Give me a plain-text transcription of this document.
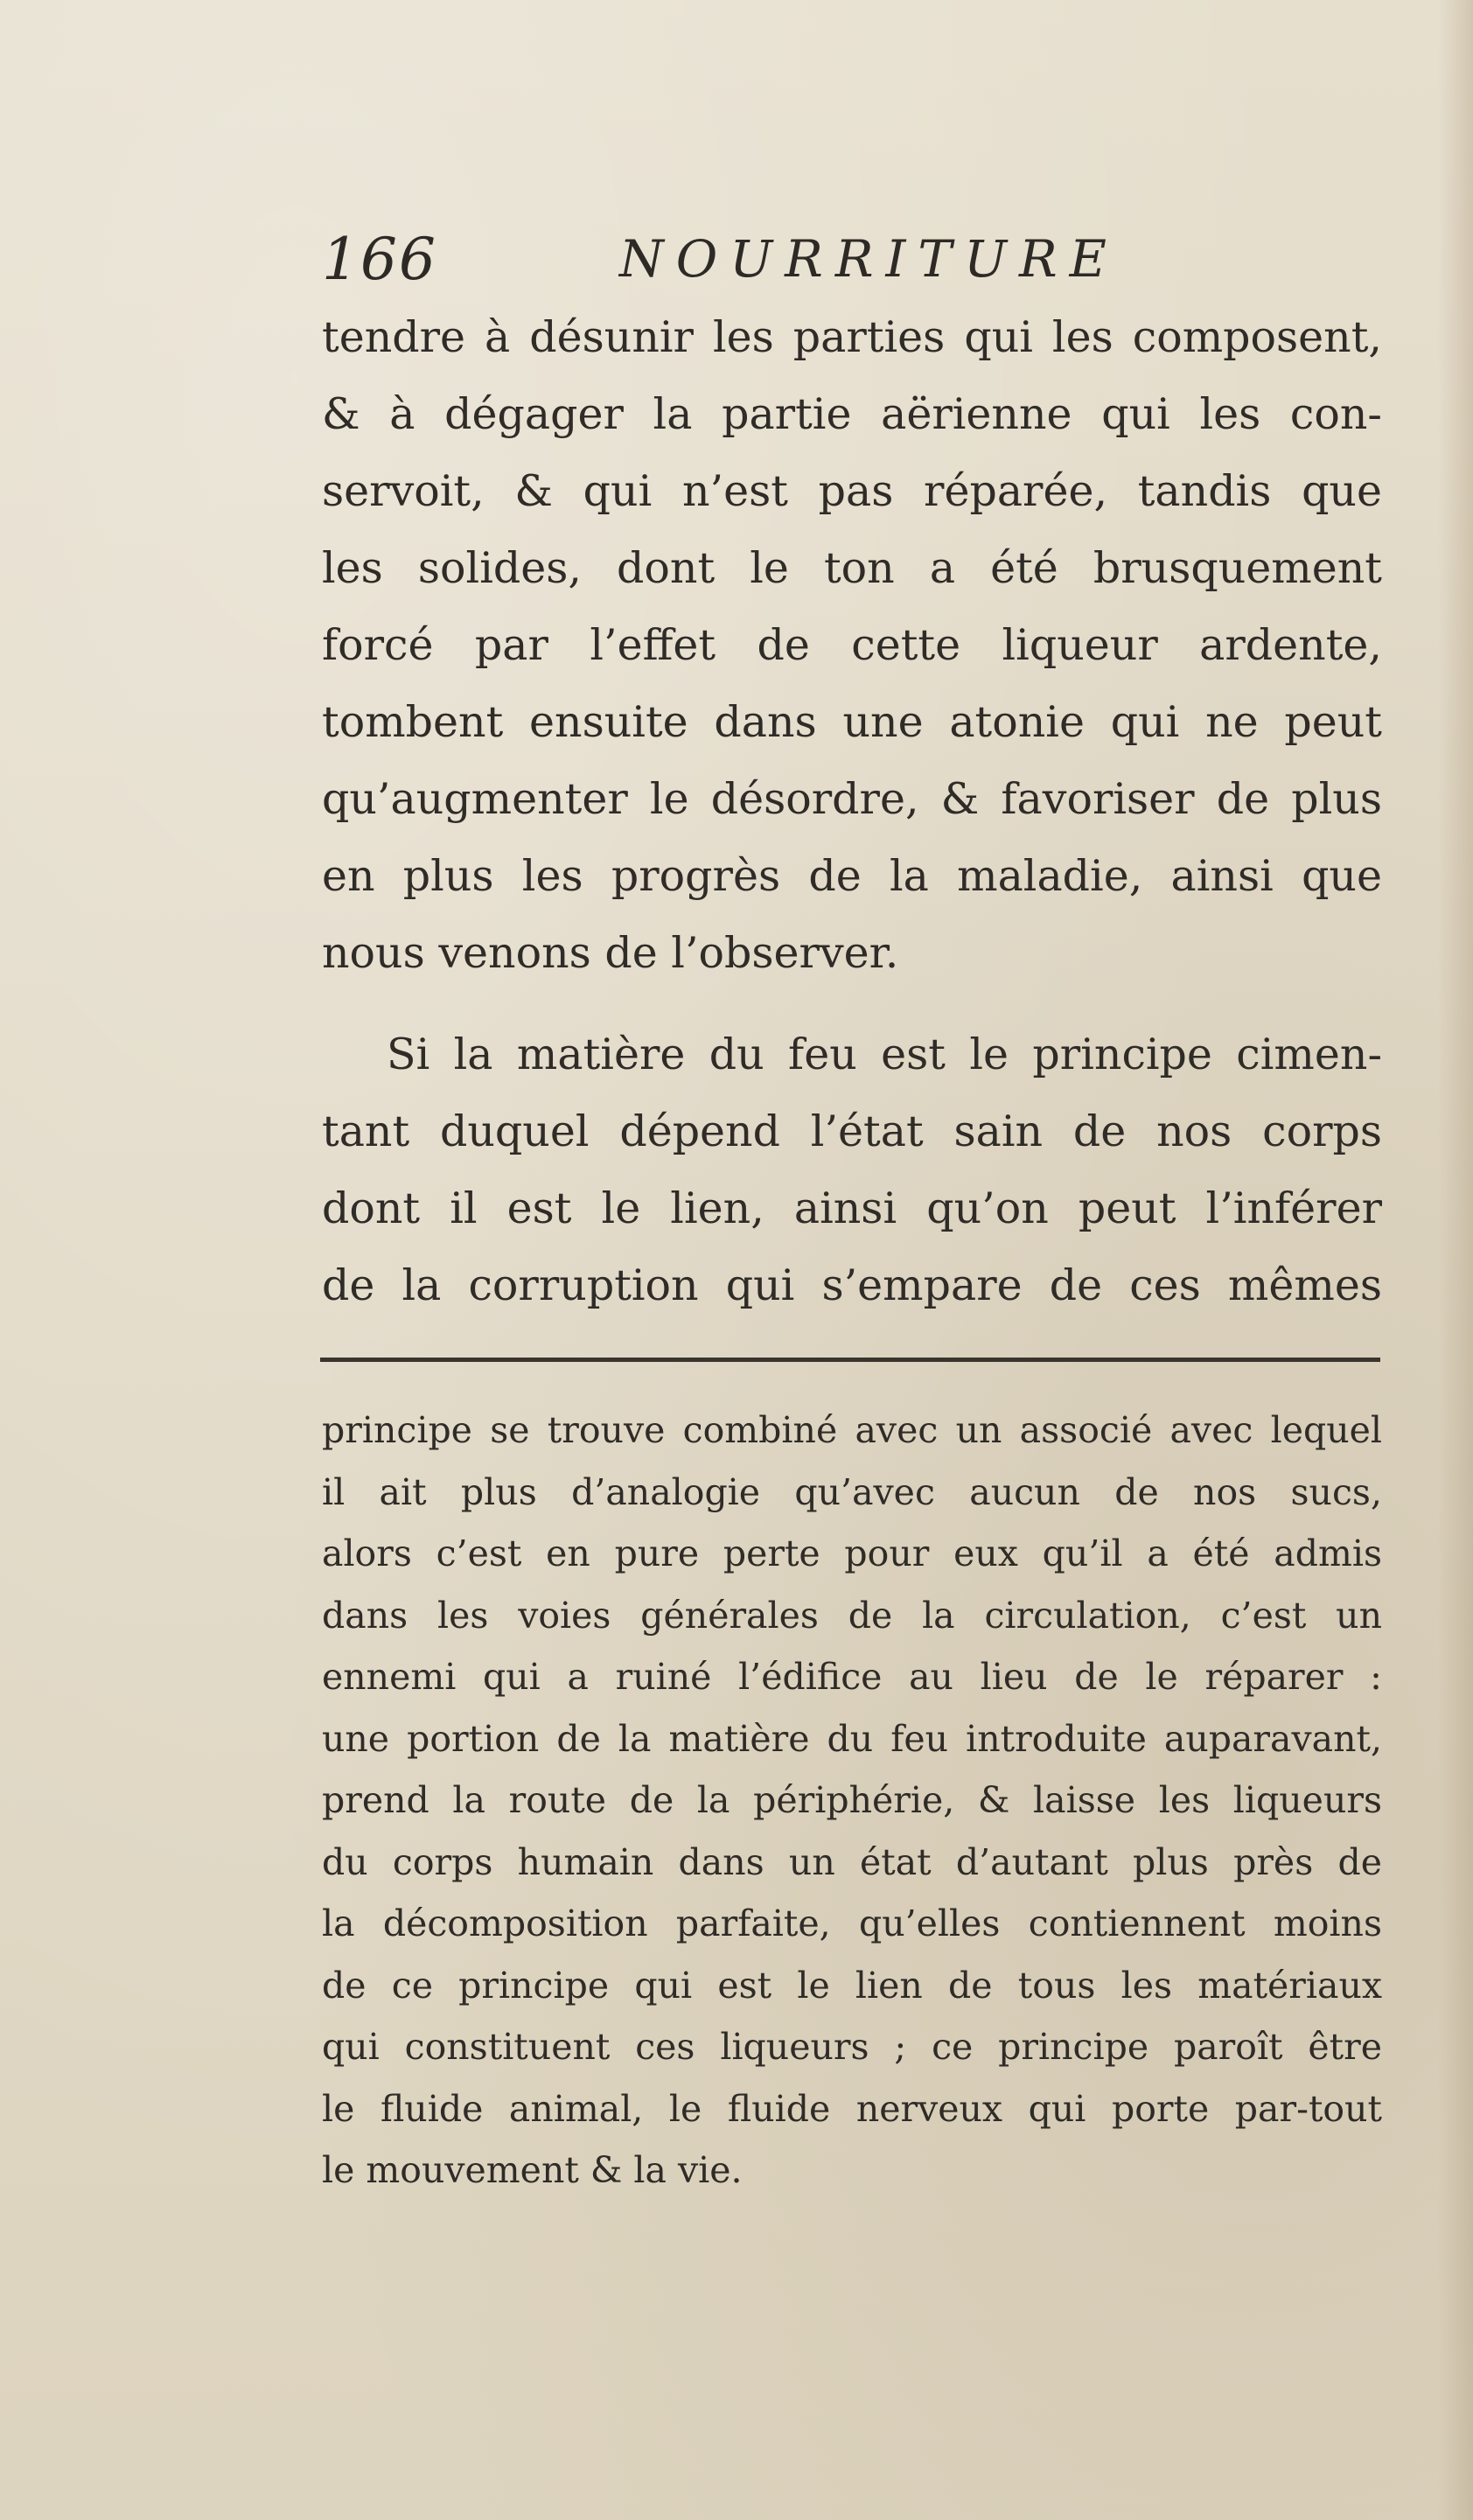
166	NOURRITURE
tendre à désunir les parties qui les composent,
& à dégager la partie aërienne qui les con-
servoit, & qui n’est pas réparée, tandis que
les solides, dont le ton a été brusquement
forcé par l’effet de cette liqueur ardente,
tombent ensuite dans une atonie qui ne peut
qu’augmenter le désordre, & favoriser de plus
en plus les progrès de la maladie, ainsi que
nous venons de l’observer.
Si la matière du feu est le principe cimen-
tant duquel dépend l’état sain de nos corps
dont il est le lien, ainsi qu’on peut l’inférer
de la corruption qui s’empare de ces mêmes
principe se trouve combiné avec un associé avec lequel
il ait plus d’analogie qu’avec aucun de nos sucs,
alors c’est en pure perte pour eux qu’il a été admis
dans les voies générales de la circulation, c’est un
ennemi qui a ruiné l’édifice au lieu de le réparer :
une portion de la matière du feu introduite auparavant,
prend la route de la périphérie, & laisse les liqueurs
du corps humain dans un état d’autant plus près de
la décomposition parfaite, qu’elles contiennent moins
de ce principe qui est le lien de tous les matériaux
qui constituent ces liqueurs ; ce principe paroît être
le fluide animal, le fluide nerveux qui porte par-tout
le mouvement & la vie.
